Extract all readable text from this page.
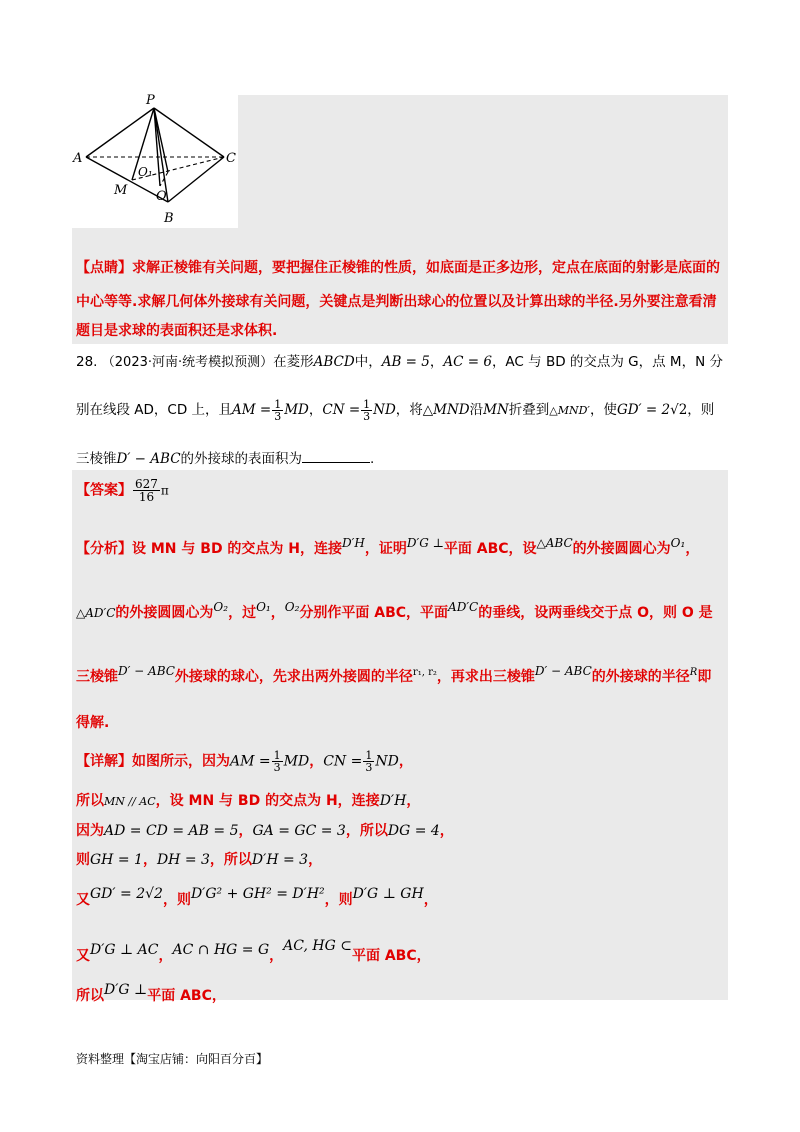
P
A	C
M
O₁
O
B
【点睛】求解正棱锥有关问题，要把握住正棱锥的性质，如底面是正多边形，定点在底面的射影是底面的
中心等等.求解几何体外接球有关问题，关键点是判断出球心的位置以及计算出球的半径.另外要注意看清
题目是求球的表面积还是求体积.
28. （2023·河南·统考模拟预测）在菱形ABCD中，AB = 5，AC = 6，AC 与 BD 的交点为 G，点 M，N 分
别在线段 AD，CD 上，且AM = $\frac{1}{3}$ MD，CN = $\frac{1}{3}$ ND，将△MND沿MN折叠到△MND′，使GD′ = 2√2，则
三棱锥D′ − ABC的外接球的表面积为	.
【答案】 $\frac{627}{16}$ π
【分析】设 MN 与 BD 的交点为 H，连接D′H，证明D′G ⊥平面 ABC，设△ABC的外接圆圆心为O₁，
△AD′C的外接圆圆心为O₂，过O₁，O₂分别作平面 ABC，平面AD′C的垂线，设两垂线交于点 O，则 O 是
三棱锥D′ − ABC外接球的球心，先求出两外接圆的半径$^{r_1, r_2}$，再求出三棱锥D′ − ABC的外接球的半径$^R$即
得解.
【详解】如图所示，因为AM = $\frac{1}{3}$ MD，CN = $\frac{1}{3}$ ND，
所以MN // AC，设 MN 与 BD 的交点为 H，连接D′H，
因为AD = CD = AB = 5，GA = GC = 3，所以DG = 4，
则GH = 1，DH = 3，所以D′H = 3，
又GD′ = 2√2，则D′G² + GH² = D′H²，则D′G ⊥ GH，
又D′G ⊥ AC，AC ∩ HG = G，AC, HG ⊂平面 ABC，
所以D′G ⊥平面 ABC，
资料整理【淘宝店铺：向阳百分百】
